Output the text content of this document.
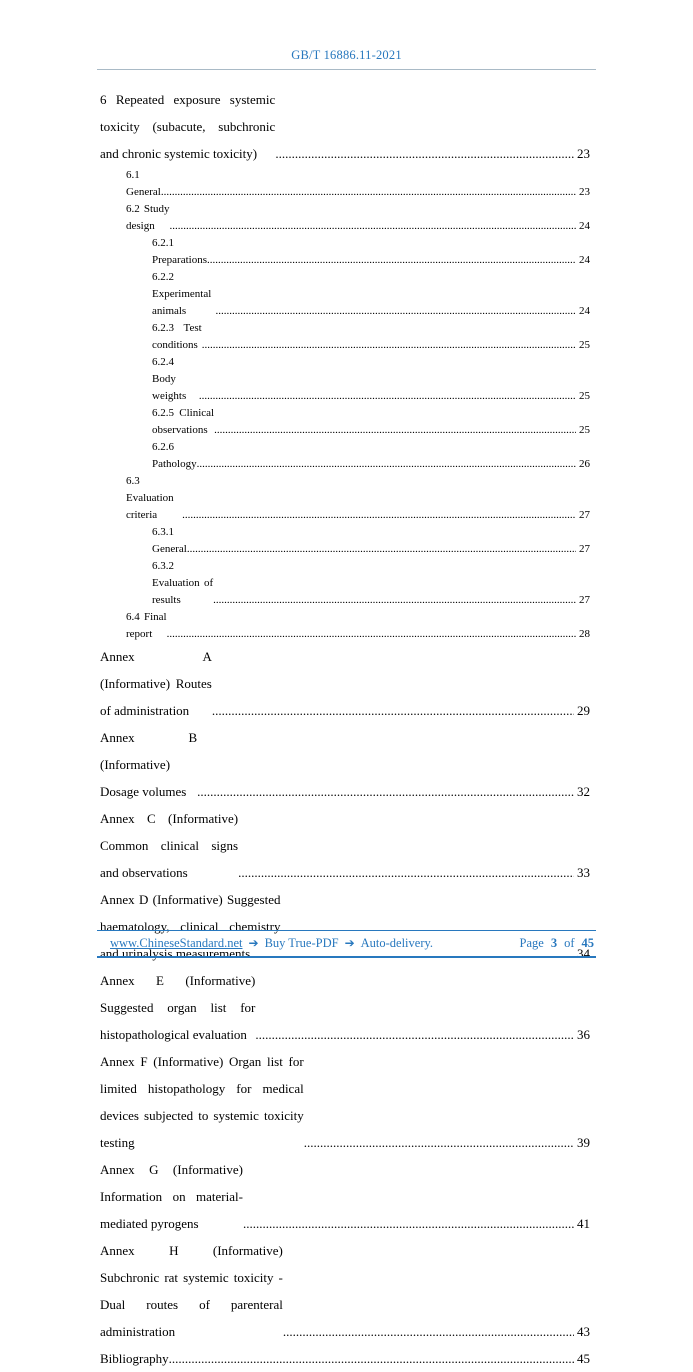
GB/T 16886.11-2021
6 Repeated exposure systemic toxicity (subacute, subchronic and chronic systemic toxicity) .....	23
6.1 General .....	23
6.2 Study design .....	24
6.2.1 Preparations .....	24
6.2.2 Experimental animals .....	24
6.2.3 Test conditions .....	25
6.2.4 Body weights .....	25
6.2.5 Clinical observations .....	25
6.2.6 Pathology .....	26
6.3 Evaluation criteria .....	27
6.3.1 General .....	27
6.3.2 Evaluation of results .....	27
6.4 Final report .....	28
Annex A (Informative) Routes of administration .....	29
Annex B (Informative) Dosage volumes .....	32
Annex C (Informative) Common clinical signs and observations .....	33
Annex D (Informative) Suggested haematology, clinical chemistry and urinalysis measurements .....	34
Annex E (Informative) Suggested organ list for histopathological evaluation .....	36
Annex F (Informative) Organ list for limited histopathology for medical devices subjected to systemic toxicity testing .....	39
Annex G (Informative) Information on material-mediated pyrogens .....	41
Annex H (Informative) Subchronic rat systemic toxicity - Dual routes of parenteral administration .....	43
Bibliography .....	45
www.ChineseStandard.net ➔ Buy True-PDF ➔ Auto-delivery.	Page 3 of 45
